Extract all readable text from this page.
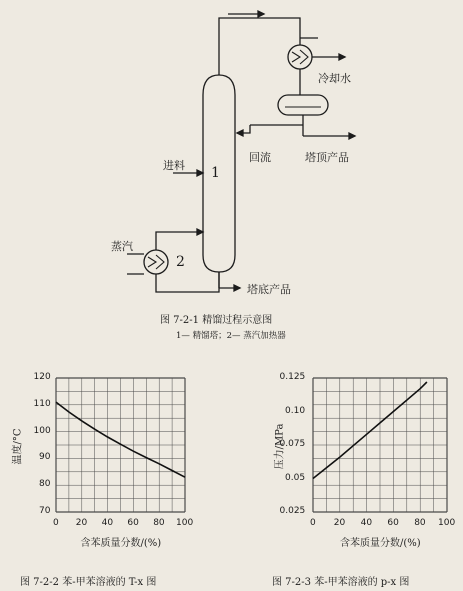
进料 1
蒸汽
2
冷却水
回流	塔顶产品
塔底产品
图 7-2-1 精馏过程示意图
1— 精馏塔；2— 蒸汽加热器
图 7-2-2 苯-甲苯溶液的 T-x 图	图 7-2-3 苯-甲苯溶液的 p-x 图
0 20 40 60 80 100
70
80
90
100
110
120
含苯质量分数/(%)
温度/°C
0 20 40 60 80 100
0.025
0.05
0.075
0.10
0.125
含苯质量分数/(%)
压力/MPa
